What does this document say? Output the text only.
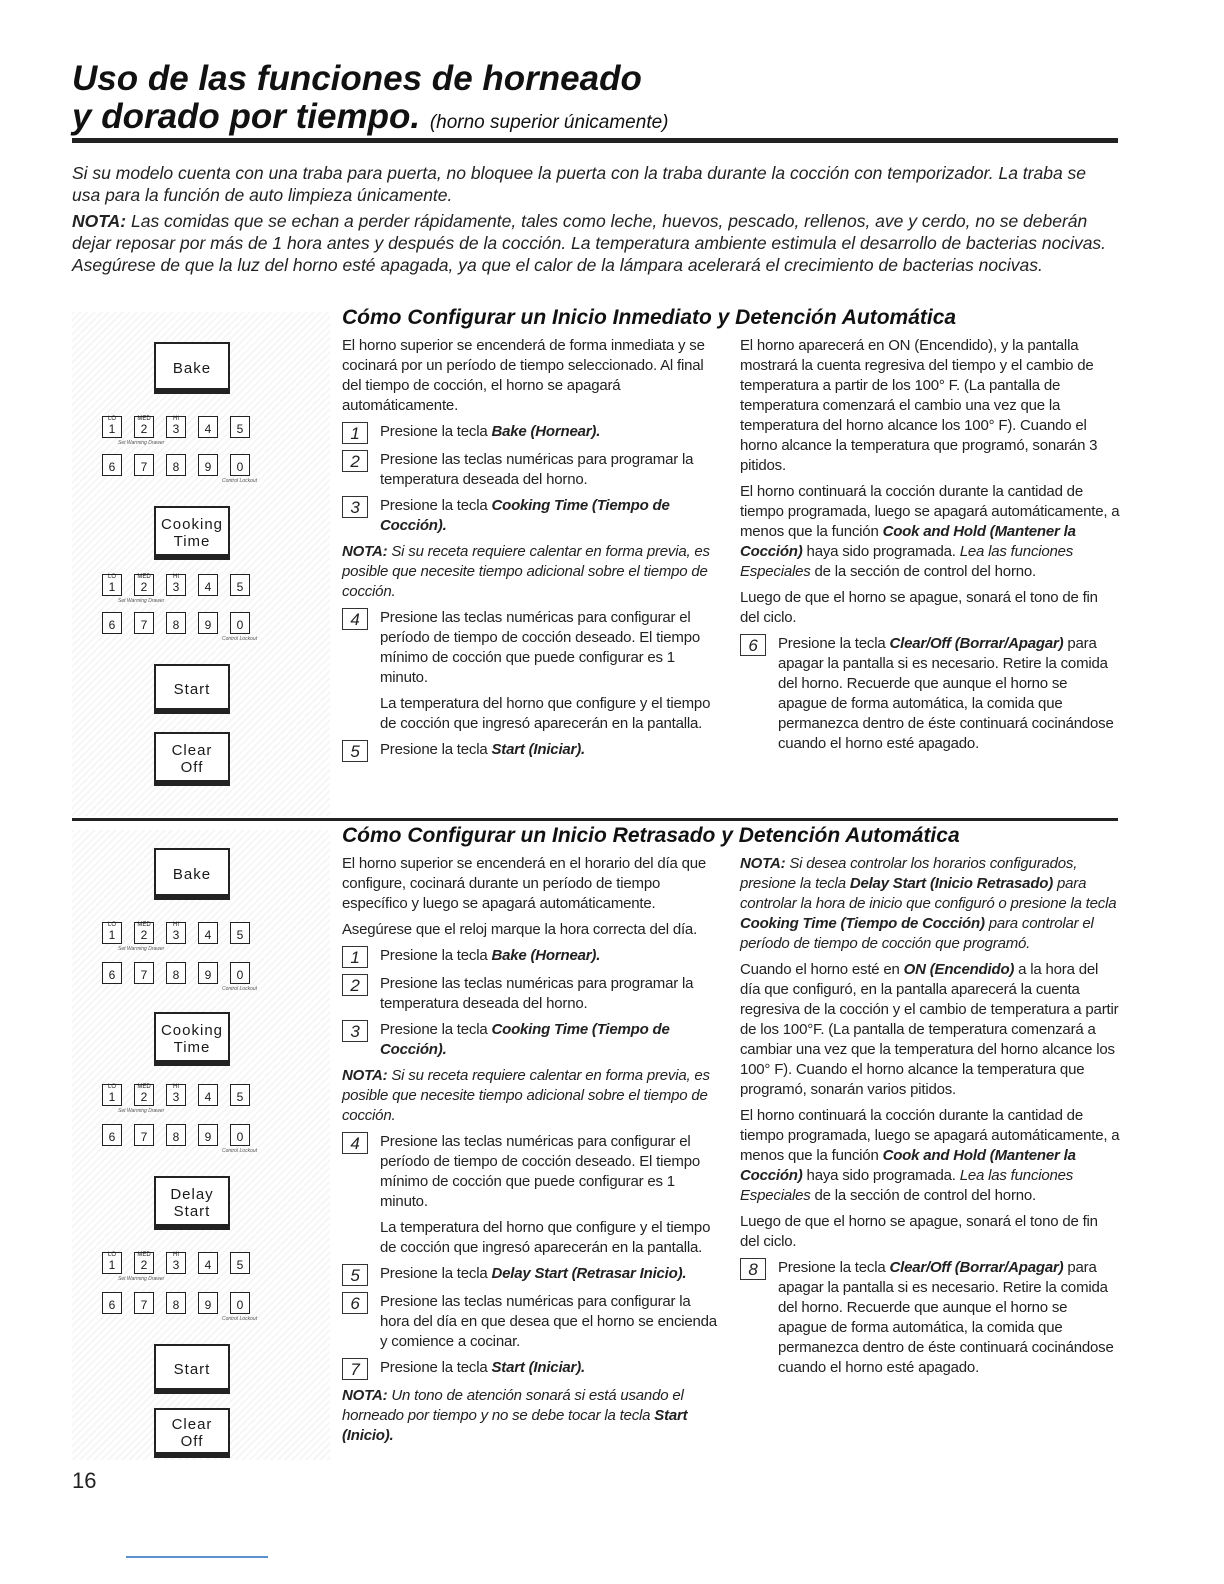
Uso de las funciones de horneado
y dorado por tiempo. (horno superior únicamente)
Si su modelo cuenta con una traba para puerta, no bloquee la puerta con la traba durante la cocción con temporizador. La traba se usa para la función de auto limpieza únicamente.
NOTA: Las comidas que se echan a perder rápidamente, tales como leche, huevos, pescado, rellenos, ave y cerdo, no se deberán dejar reposar por más de 1 hora antes y después de la cocción. La temperatura ambiente estimula el desarrollo de bacterias nocivas. Asegúrese de que la luz del horno esté apagada, ya que el calor de la lámpara acelerará el crecimiento de bacterias nocivas.
Cómo Configurar un Inicio Inmediato y Detención Automática
Bake
LO
1
MED
2
HI
3	4	5
Set Warming Drawer
6	7	8	9	0
Control Lockout
Cooking
Time
LO
1
MED
2
HI
3	4	5
Set Warming Drawer
6	7	8	9	0
Control Lockout
Start
Clear
Off

El horno superior se encenderá de forma inmediata y se cocinará por un período de tiempo seleccionado. Al final del tiempo de cocción, el horno se apagará automáticamente.

1	Presione la tecla Bake (Hornear).
2	Presione las teclas numéricas para programar la temperatura deseada del horno.
3	Presione la tecla Cooking Time (Tiempo de Cocción).

NOTA: Si su receta requiere calentar en forma previa, es posible que necesite tiempo adicional sobre el tiempo de cocción.

4	Presione las teclas numéricas para configurar el período de tiempo de cocción deseado. El tiempo mínimo de cocción que puede configurar es 1 minuto.

La temperatura del horno que configure y el tiempo de cocción que ingresó aparecerán en la pantalla.

5	Presione la tecla Start (Iniciar).

El horno aparecerá en ON (Encendido), y la pantalla mostrará la cuenta regresiva del tiempo y el cambio de temperatura a partir de los 100° F. (La pantalla de temperatura comenzará el cambio una vez que la temperatura del horno alcance los 100° F). Cuando el horno alcance la temperatura que programó, sonarán 3 pitidos.

El horno continuará la cocción durante la cantidad de tiempo programada, luego se apagará automáticamente, a menos que la función Cook and Hold (Mantener la Cocción) haya sido programada. Lea las funciones Especiales de la sección de control del horno.

Luego de que el horno se apague, sonará el tono de fin del ciclo.

6	Presione la tecla Clear/Off (Borrar/Apagar) para apagar la pantalla si es necesario. Retire la comida del horno. Recuerde que aunque el horno se apague de forma automática, la comida que permanezca dentro de éste continuará cocinándose cuando el horno esté apagado.
Cómo Configurar un Inicio Retrasado y Detención Automática
Bake
LO
1
MED
2
HI
3	4	5
Set Warming Drawer
6	7	8	9	0
Control Lockout
Cooking
Time
LO
1
MED
2
HI
3	4	5
Set Warming Drawer
6	7	8	9	0
Control Lockout
Delay
Start
LO
1
MED
2
HI
3	4	5
Set Warming Drawer
6	7	8	9	0
Control Lockout
Start
Clear
Off

El horno superior se encenderá en el horario del día que configure, cocinará durante un período de tiempo específico y luego se apagará automáticamente.

Asegúrese que el reloj marque la hora correcta del día.

1	Presione la tecla Bake (Hornear).
2	Presione las teclas numéricas para programar la temperatura deseada del horno.
3	Presione la tecla Cooking Time (Tiempo de Cocción).

NOTA: Si su receta requiere calentar en forma previa, es posible que necesite tiempo adicional sobre el tiempo de cocción.

4	Presione las teclas numéricas para configurar el período de tiempo de cocción deseado. El tiempo mínimo de cocción que puede configurar es 1 minuto.

La temperatura del horno que configure y el tiempo de cocción que ingresó aparecerán en la pantalla.

5	Presione la tecla Delay Start (Retrasar Inicio).
6	Presione las teclas numéricas para configurar la hora del día en que desea que el horno se encienda y comience a cocinar.
7	Presione la tecla Start (Iniciar).

NOTA: Un tono de atención sonará si está usando el horneado por tiempo y no se debe tocar la tecla Start (Inicio).

NOTA: Si desea controlar los horarios configurados, presione la tecla Delay Start (Inicio Retrasado) para controlar la hora de inicio que configuró o presione la tecla Cooking Time (Tiempo de Cocción) para controlar el período de tiempo de cocción que programó.

Cuando el horno esté en ON (Encendido) a la hora del día que configuró, en la pantalla aparecerá la cuenta regresiva de la cocción y el cambio de temperatura a partir de los 100°F. (La pantalla de temperatura comenzará a cambiar una vez que la temperatura del horno alcance los 100° F). Cuando el horno alcance la temperatura que programó, sonarán varios pitidos.

El horno continuará la cocción durante la cantidad de tiempo programada, luego se apagará automáticamente, a menos que la función Cook and Hold (Mantener la Cocción) haya sido programada. Lea las funciones Especiales de la sección de control del horno.

Luego de que el horno se apague, sonará el tono de fin del ciclo.

8	Presione la tecla Clear/Off (Borrar/Apagar) para apagar la pantalla si es necesario. Retire la comida del horno. Recuerde que aunque el horno se apague de forma automática, la comida que permanezca dentro de éste continuará cocinándose cuando el horno esté apagado.
16
